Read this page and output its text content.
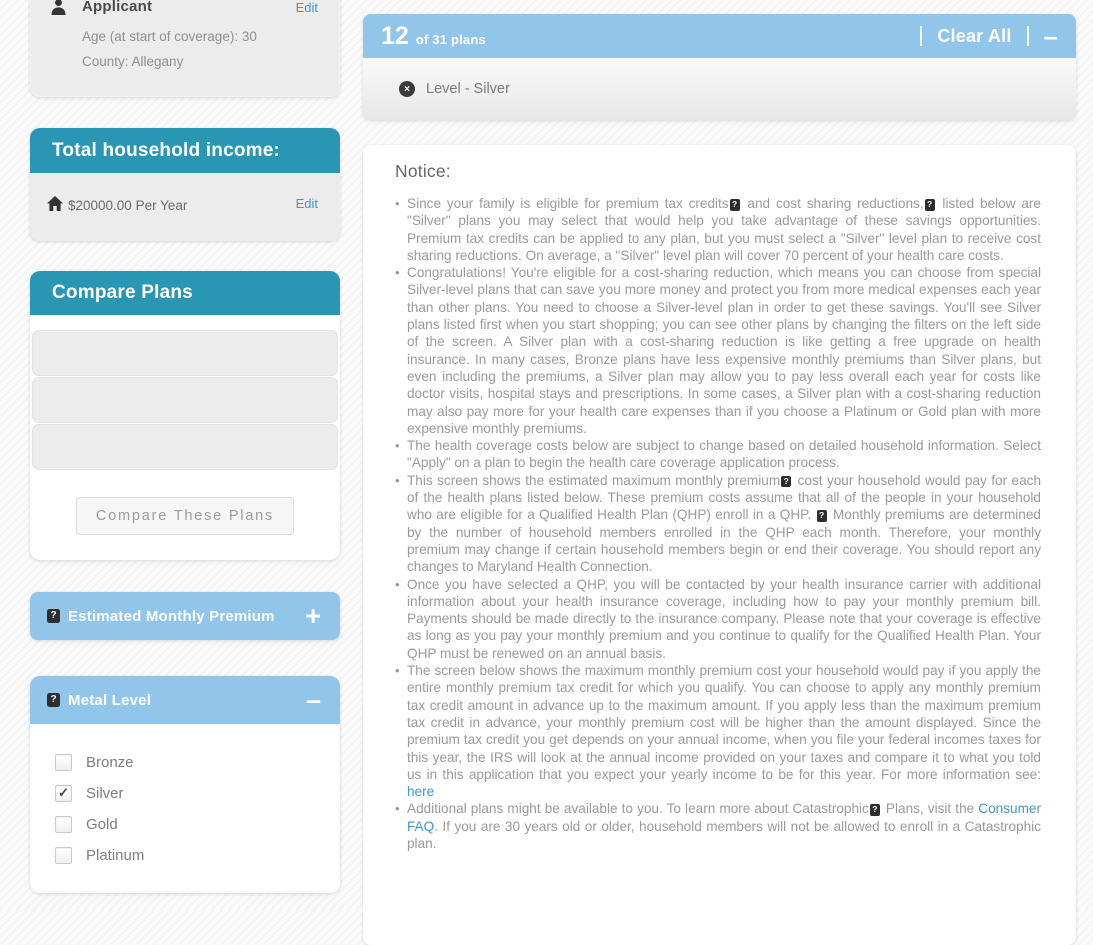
Applicant	Edit
Age (at start of coverage): 30
County: Allegany
Total household income:
$20000.00 Per Year	Edit
Compare Plans
Compare These Plans
? Estimated Monthly Premium +
? Metal Level	–
Bronze
✓ Silver
Gold
Platinum
12 of 31 plans	Clear All –
×	Level - Silver
Notice:
• Since your family is eligible for premium tax credits ? and cost sharing reductions, ? listed below are "Silver" plans you may select that would help you take advantage of these savings opportunities. Premium tax credits can be applied to any plan, but you must select a "Silver" level plan to receive cost sharing reductions. On average, a "Silver" level plan will cover 70 percent of your health care costs.
• Congratulations! You're eligible for a cost-sharing reduction, which means you can choose from special Silver-level plans that can save you more money and protect you from more medical expenses each year than other plans. You need to choose a Silver-level plan in order to get these savings. You'll see Silver plans listed first when you start shopping; you can see other plans by changing the filters on the left side of the screen. A Silver plan with a cost-sharing reduction is like getting a free upgrade on health insurance. In many cases, Bronze plans have less expensive monthly premiums than Silver plans, but even including the premiums, a Silver plan may allow you to pay less overall each year for costs like doctor visits, hospital stays and prescriptions. In some cases, a Silver plan with a cost-sharing reduction may also pay more for your health care expenses than if you choose a Platinum or Gold plan with more expensive monthly premiums.
• The health coverage costs below are subject to change based on detailed household information. Select "Apply" on a plan to begin the health care coverage application process.
• This screen shows the estimated maximum monthly premium ? cost your household would pay for each of the health plans listed below. These premium costs assume that all of the people in your household who are eligible for a Qualified Health Plan (QHP) enroll in a QHP. ? Monthly premiums are determined by the number of household members enrolled in the QHP each month. Therefore, your monthly premium may change if certain household members begin or end their coverage. You should report any changes to Maryland Health Connection.
• Once you have selected a QHP, you will be contacted by your health insurance carrier with additional information about your health insurance coverage, including how to pay your monthly premium bill. Payments should be made directly to the insurance company. Please note that your coverage is effective as long as you pay your monthly premium and you continue to qualify for the Qualified Health Plan. Your QHP must be renewed on an annual basis.
• The screen below shows the maximum monthly premium cost your household would pay if you apply the entire monthly premium tax credit for which you qualify. You can choose to apply any monthly premium tax credit amount in advance up to the maximum amount. If you apply less than the maximum premium tax credit in advance, your monthly premium cost will be higher than the amount displayed. Since the premium tax credit you get depends on your annual income, when you file your federal incomes taxes for this year, the IRS will look at the annual income provided on your taxes and compare it to what you told us in this application that you expect your yearly income to be for this year. For more information see: here
• Additional plans might be available to you. To learn more about Catastrophic ? Plans, visit the Consumer FAQ. If you are 30 years old or older, household members will not be allowed to enroll in a Catastrophic plan.
